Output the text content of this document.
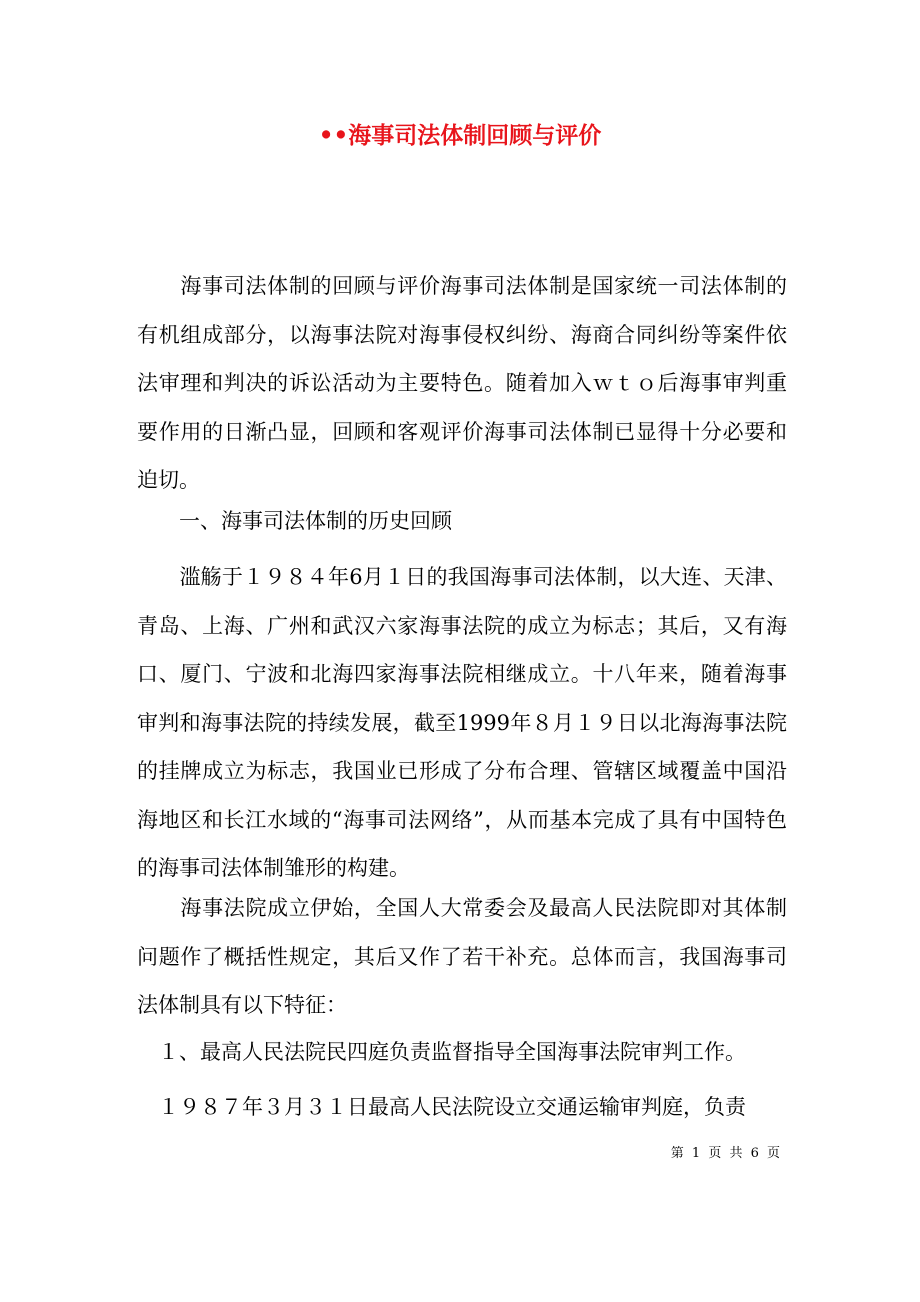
••海事司法体制回顾与评价

　　海事司法体制的回顾与评价海事司法体制是国家统一司法体制的有机组成部分，以海事法院对海事侵权纠纷、海商合同纠纷等案件依法审理和判决的诉讼活动为主要特色。随着加入ｗｔｏ后海事审判重要作用的日渐凸显，回顾和客观评价海事司法体制已显得十分必要和迫切。

　　一、海事司法体制的历史回顾

　　滥觞于１９８４年6月１日的我国海事司法体制，以大连、天津、青岛、上海、广州和武汉六家海事法院的成立为标志；其后，又有海口、厦门、宁波和北海四家海事法院相继成立。十八年来，随着海事审判和海事法院的持续发展，截至1999年８月１９日以北海海事法院的挂牌成立为标志，我国业已形成了分布合理、管辖区域覆盖中国沿海地区和长江水域的“海事司法网络”，从而基本完成了具有中国特色的海事司法体制雏形的构建。

　　海事法院成立伊始，全国人大常委会及最高人民法院即对其体制问题作了概括性规定，其后又作了若干补充。总体而言，我国海事司法体制具有以下特征：

　１、最高人民法院民四庭负责监督指导全国海事法院审判工作。

　１９８７年３月３１日最高人民法院设立交通运输审判庭，负责

第 1 页 共 6 页
